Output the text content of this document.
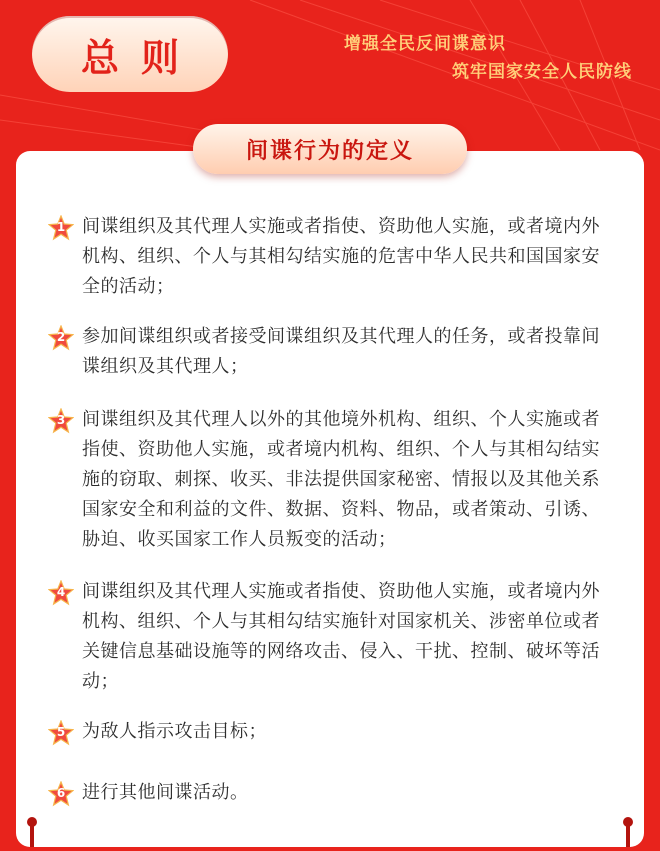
总则	增强全民反间谍意识
筑牢国家安全人民防线
间谍行为的定义
1 间谍组织及其代理人实施或者指使、资助他人实施，或者境内外机构、组织、个人与其相勾结实施的危害中华人民共和国国家安全的活动；
2 参加间谍组织或者接受间谍组织及其代理人的任务，或者投靠间谍组织及其代理人；
3 间谍组织及其代理人以外的其他境外机构、组织、个人实施或者指使、资助他人实施，或者境内机构、组织、个人与其相勾结实施的窃取、刺探、收买、非法提供国家秘密、情报以及其他关系国家安全和利益的文件、数据、资料、物品，或者策动、引诱、胁迫、收买国家工作人员叛变的活动；
4 间谍组织及其代理人实施或者指使、资助他人实施，或者境内外机构、组织、个人与其相勾结实施针对国家机关、涉密单位或者关键信息基础设施等的网络攻击、侵入、干扰、控制、破坏等活动；
5 为敌人指示攻击目标；
6 进行其他间谍活动。
